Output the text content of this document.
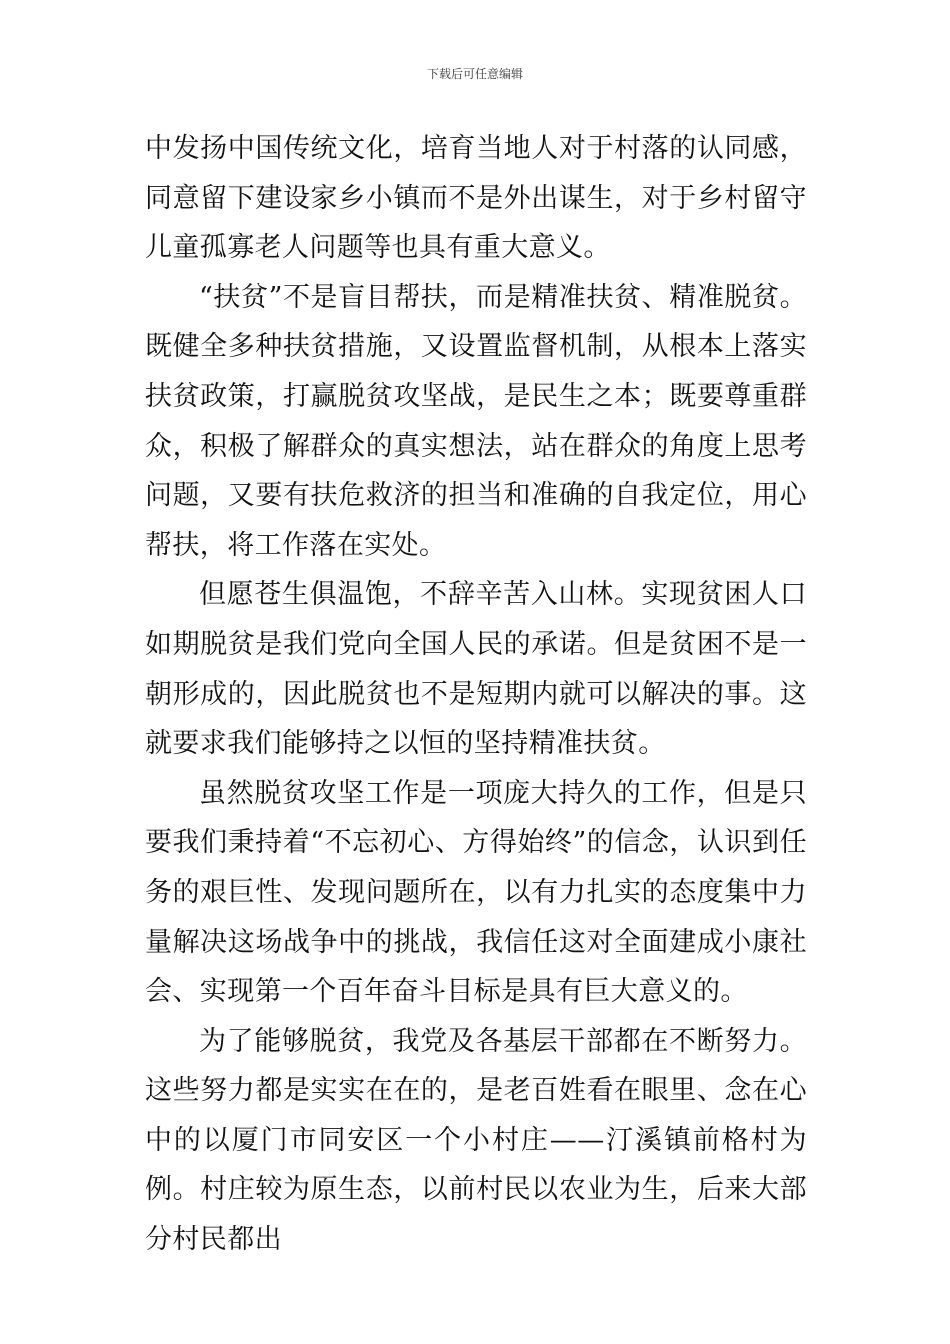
下载后可任意编辑

中发扬中国传统文化，培育当地人对于村落的认同感，同意留下建设家乡小镇而不是外出谋生，对于乡村留守儿童孤寡老人问题等也具有重大意义。

“扶贫”不是盲目帮扶，而是精准扶贫、精准脱贫。既健全多种扶贫措施，又设置监督机制，从根本上落实扶贫政策，打赢脱贫攻坚战，是民生之本；既要尊重群众，积极了解群众的真实想法，站在群众的角度上思考问题，又要有扶危救济的担当和准确的自我定位，用心帮扶，将工作落在实处。

但愿苍生俱温饱，不辞辛苦入山林。实现贫困人口如期脱贫是我们党向全国人民的承诺。但是贫困不是一朝形成的，因此脱贫也不是短期内就可以解决的事。这就要求我们能够持之以恒的坚持精准扶贫。

虽然脱贫攻坚工作是一项庞大持久的工作，但是只要我们秉持着“不忘初心、方得始终”的信念，认识到任务的艰巨性、发现问题所在，以有力扎实的态度集中力量解决这场战争中的挑战，我信任这对全面建成小康社会、实现第一个百年奋斗目标是具有巨大意义的。

为了能够脱贫，我党及各基层干部都在不断努力。这些努力都是实实在在的，是老百姓看在眼里、念在心中的以厦门市同安区一个小村庄——汀溪镇前格村为例。村庄较为原生态，以前村民以农业为生，后来大部分村民都出
